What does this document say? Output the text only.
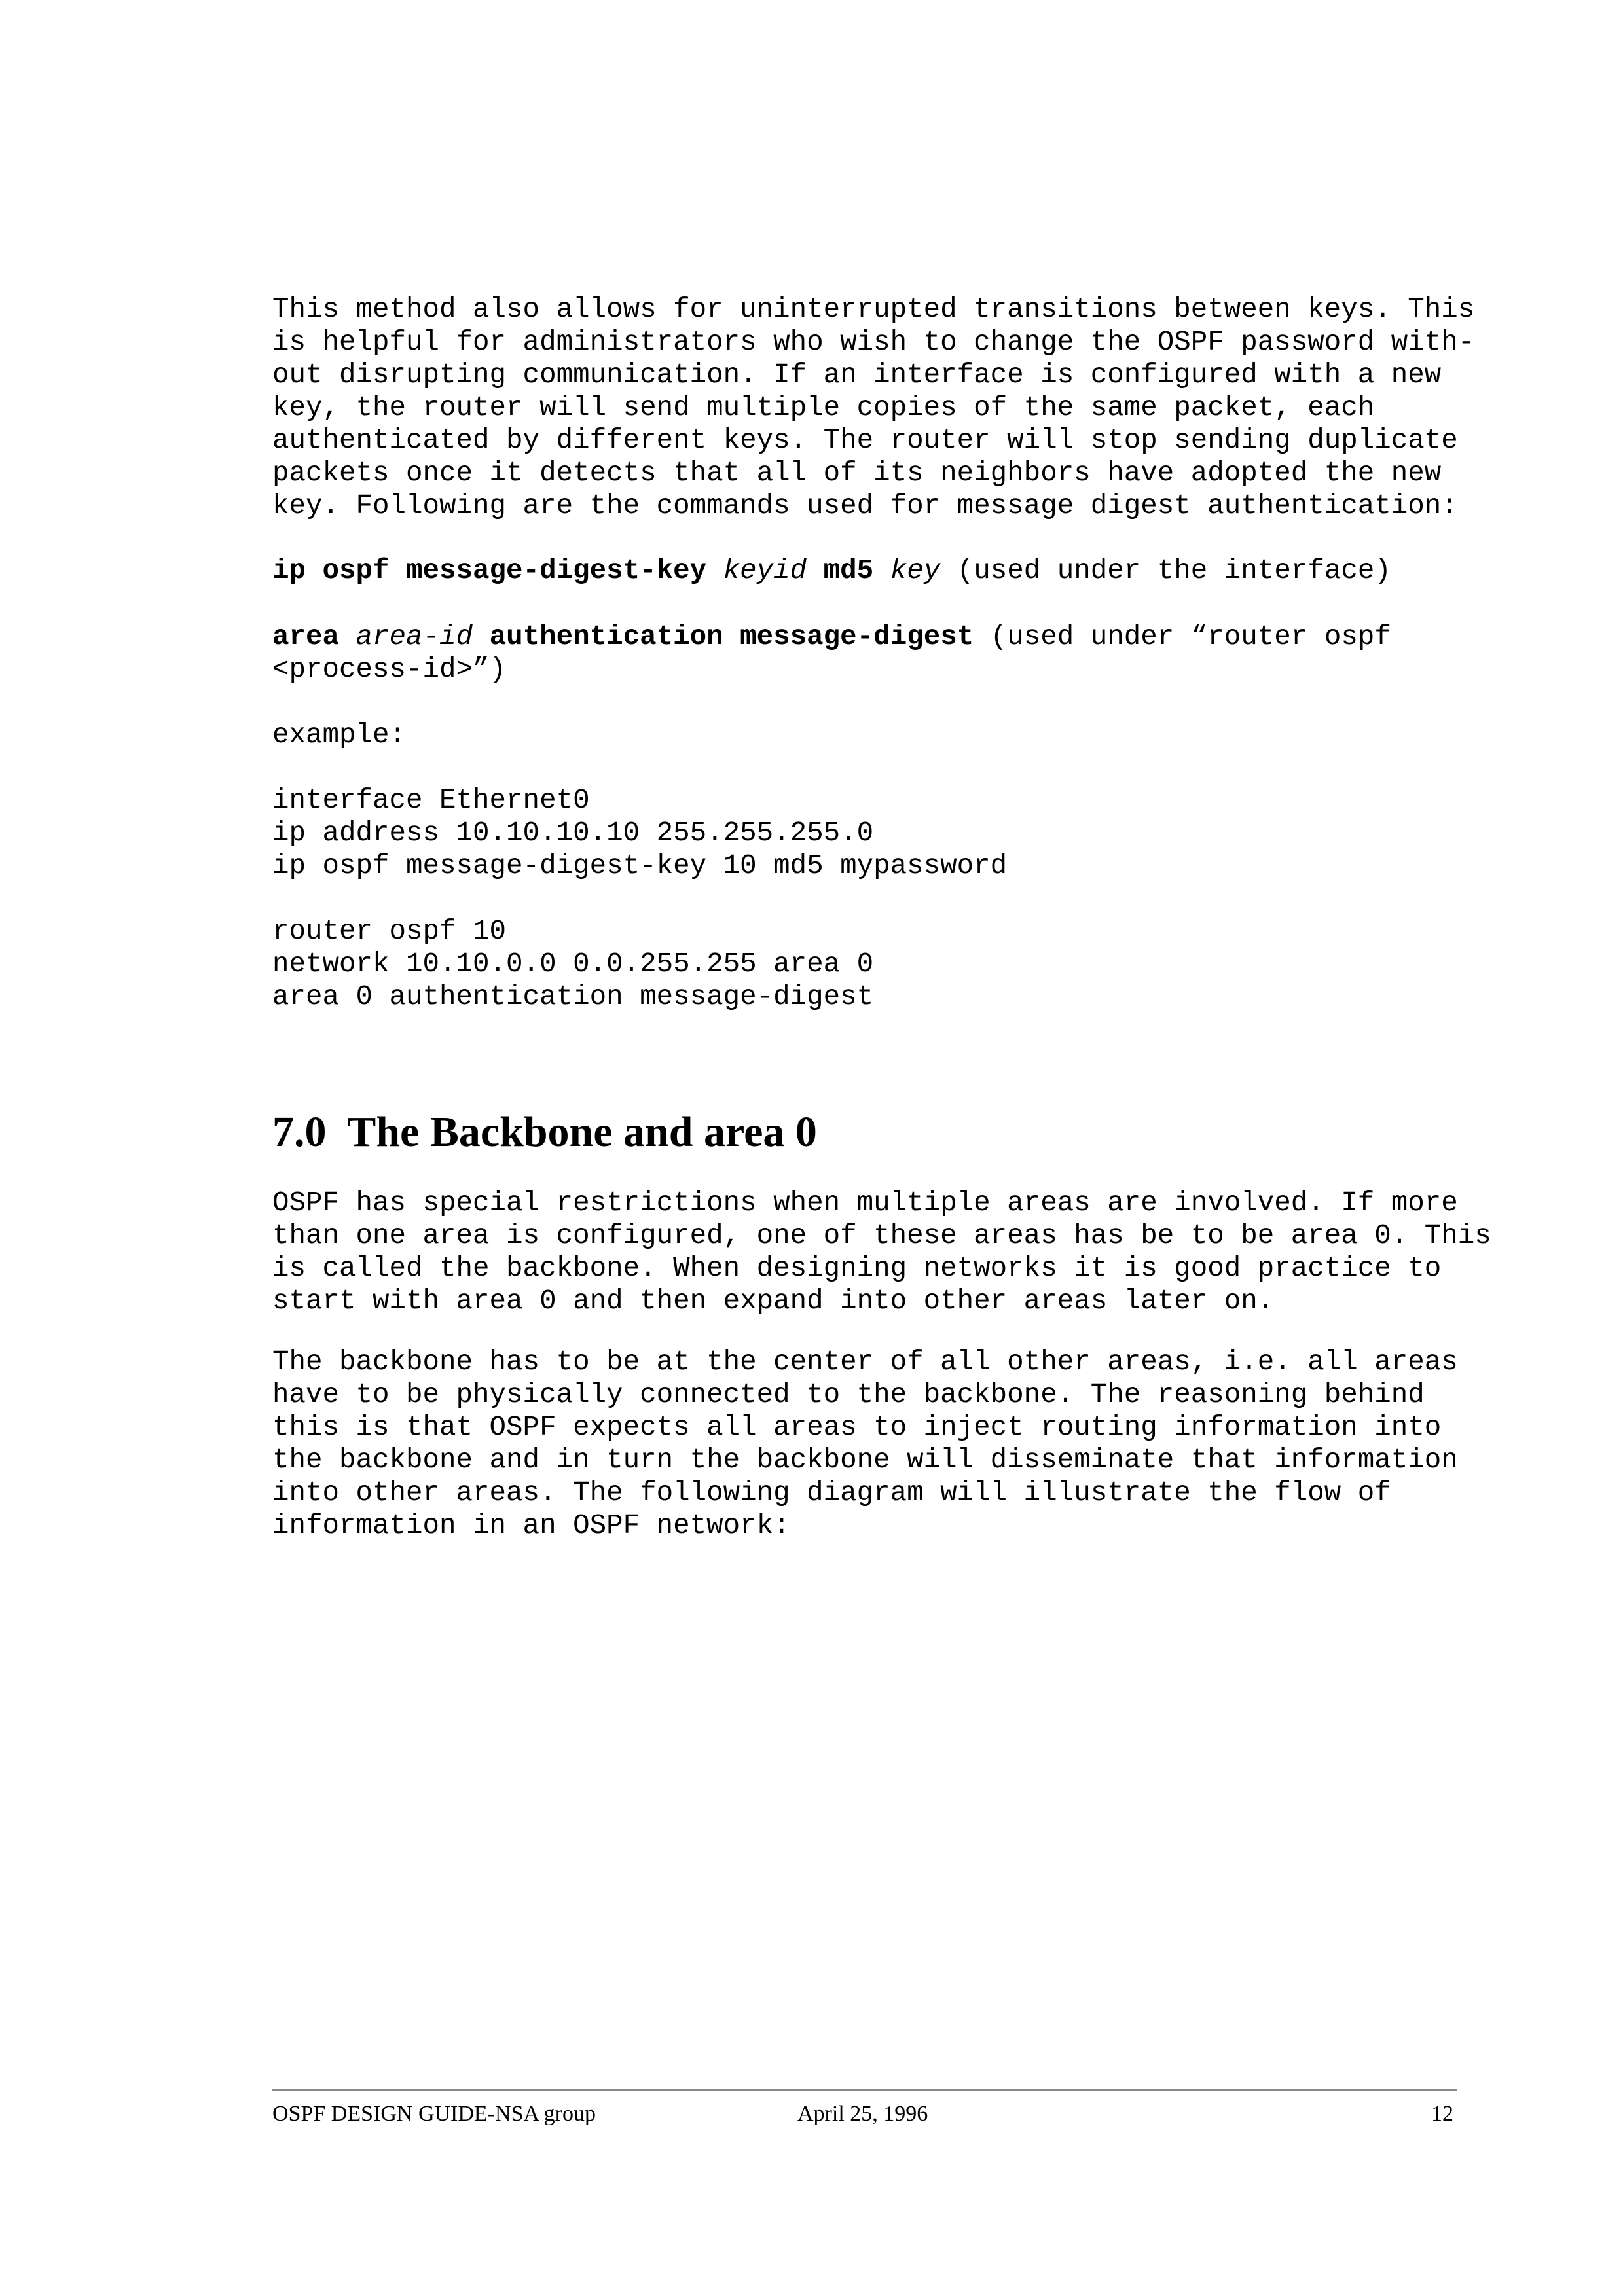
This method also allows for uninterrupted transitions between keys. This
is helpful for administrators who wish to change the OSPF password with-
out disrupting communication. If an interface is configured with a new
key, the router will send multiple copies of the same packet, each
authenticated by different keys. The router will stop sending duplicate
packets once it detects that all of its neighbors have adopted the new
key. Following are the commands used for message digest authentication:
ip ospf message-digest-key keyid md5 key (used under the interface)
area area-id authentication message-digest (used under “router ospf
<process-id>”)
example:
interface Ethernet0
ip address 10.10.10.10 255.255.255.0
ip ospf message-digest-key 10 md5 mypassword
router ospf 10
network 10.10.0.0 0.0.255.255 area 0
area 0 authentication message-digest
7.0  The Backbone and area 0
OSPF has special restrictions when multiple areas are involved. If more
than one area is configured, one of these areas has be to be area 0. This
is called the backbone. When designing networks it is good practice to
start with area 0 and then expand into other areas later on.
The backbone has to be at the center of all other areas, i.e. all areas
have to be physically connected to the backbone. The reasoning behind
this is that OSPF expects all areas to inject routing information into
the backbone and in turn the backbone will disseminate that information
into other areas. The following diagram will illustrate the flow of
information in an OSPF network:
OSPF DESIGN GUIDE-NSA group	April 25, 1996	12
